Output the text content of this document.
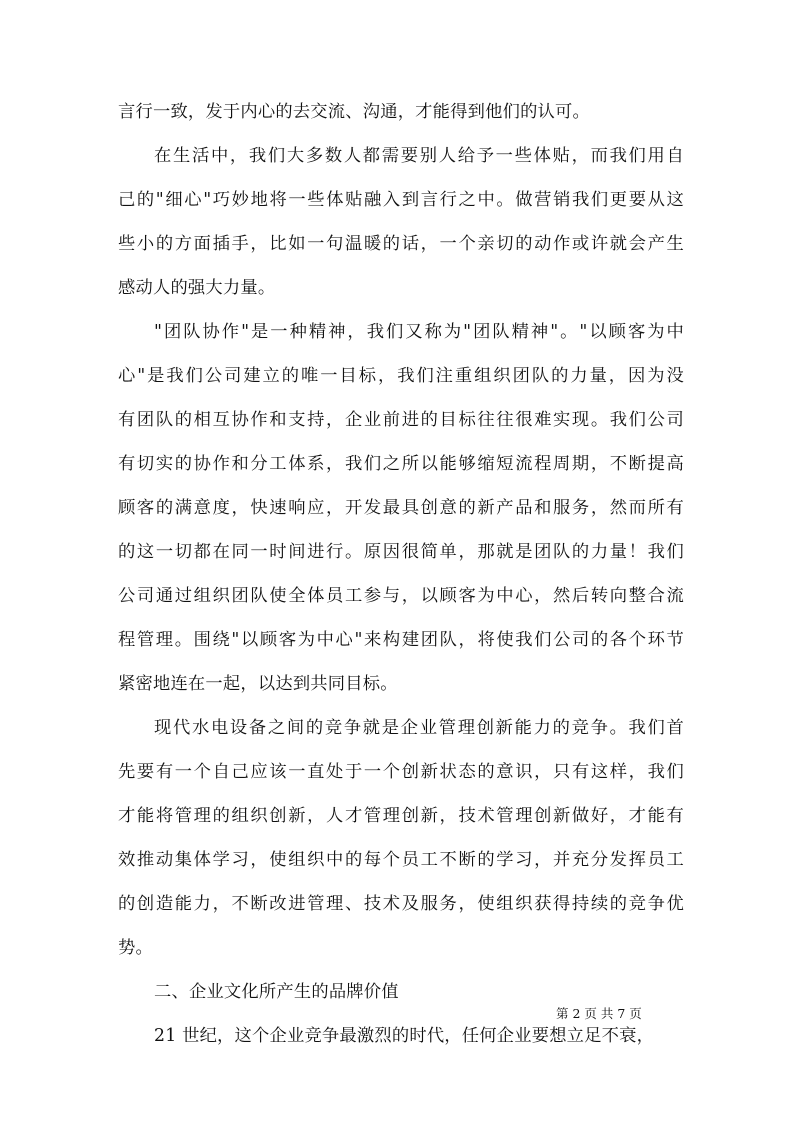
言行一致，发于内心的去交流、沟通，才能得到他们的认可。
在生活中，我们大多数人都需要别人给予一些体贴，而我们用自
己的"细心"巧妙地将一些体贴融入到言行之中。做营销我们更要从这
些小的方面插手，比如一句温暖的话，一个亲切的动作或许就会产生
感动人的强大力量。
"团队协作"是一种精神，我们又称为"团队精神"。"以顾客为中
心"是我们公司建立的唯一目标，我们注重组织团队的力量，因为没
有团队的相互协作和支持，企业前进的目标往往很难实现。我们公司
有切实的协作和分工体系，我们之所以能够缩短流程周期，不断提高
顾客的满意度，快速响应，开发最具创意的新产品和服务，然而所有
的这一切都在同一时间进行。原因很简单，那就是团队的力量！我们
公司通过组织团队使全体员工参与，以顾客为中心，然后转向整合流
程管理。围绕"以顾客为中心"来构建团队，将使我们公司的各个环节
紧密地连在一起，以达到共同目标。
现代水电设备之间的竞争就是企业管理创新能力的竞争。我们首
先要有一个自己应该一直处于一个创新状态的意识，只有这样，我们
才能将管理的组织创新，人才管理创新，技术管理创新做好，才能有
效推动集体学习，使组织中的每个员工不断的学习，并充分发挥员工
的创造能力，不断改进管理、技术及服务，使组织获得持续的竞争优
势。
二、企业文化所产生的品牌价值
21 世纪，这个企业竞争最激烈的时代，任何企业要想立足不衰，
第 2 页 共 7 页
